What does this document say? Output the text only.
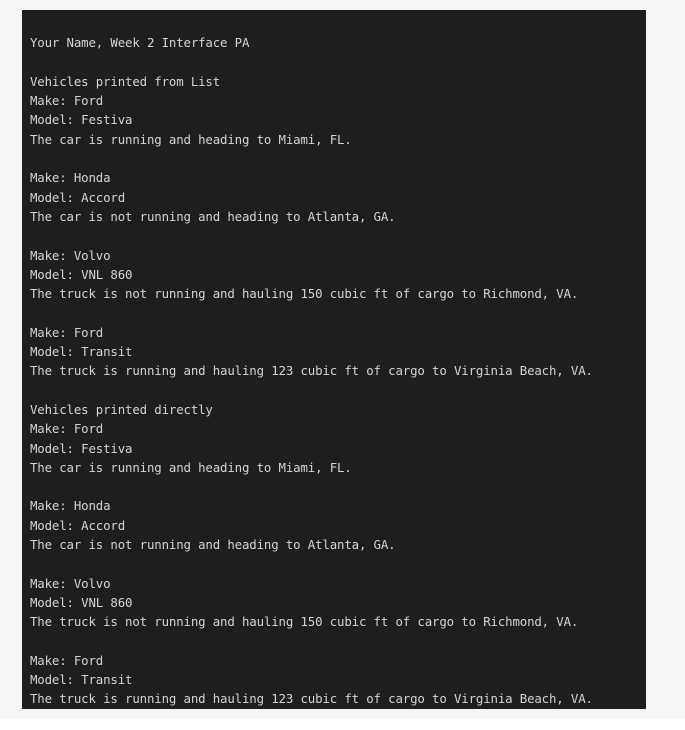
Your Name, Week 2 Interface PA
Vehicles printed from List
Make: Ford
Model: Festiva
The car is running and heading to Miami, FL.
Make: Honda
Model: Accord
The car is not running and heading to Atlanta, GA.
Make: Volvo
Model: VNL 860
The truck is not running and hauling 150 cubic ft of cargo to Richmond, VA.
Make: Ford
Model: Transit
The truck is running and hauling 123 cubic ft of cargo to Virginia Beach, VA.
Vehicles printed directly
Make: Ford
Model: Festiva
The car is running and heading to Miami, FL.
Make: Honda
Model: Accord
The car is not running and heading to Atlanta, GA.
Make: Volvo
Model: VNL 860
The truck is not running and hauling 150 cubic ft of cargo to Richmond, VA.
Make: Ford
Model: Transit
The truck is running and hauling 123 cubic ft of cargo to Virginia Beach, VA.
